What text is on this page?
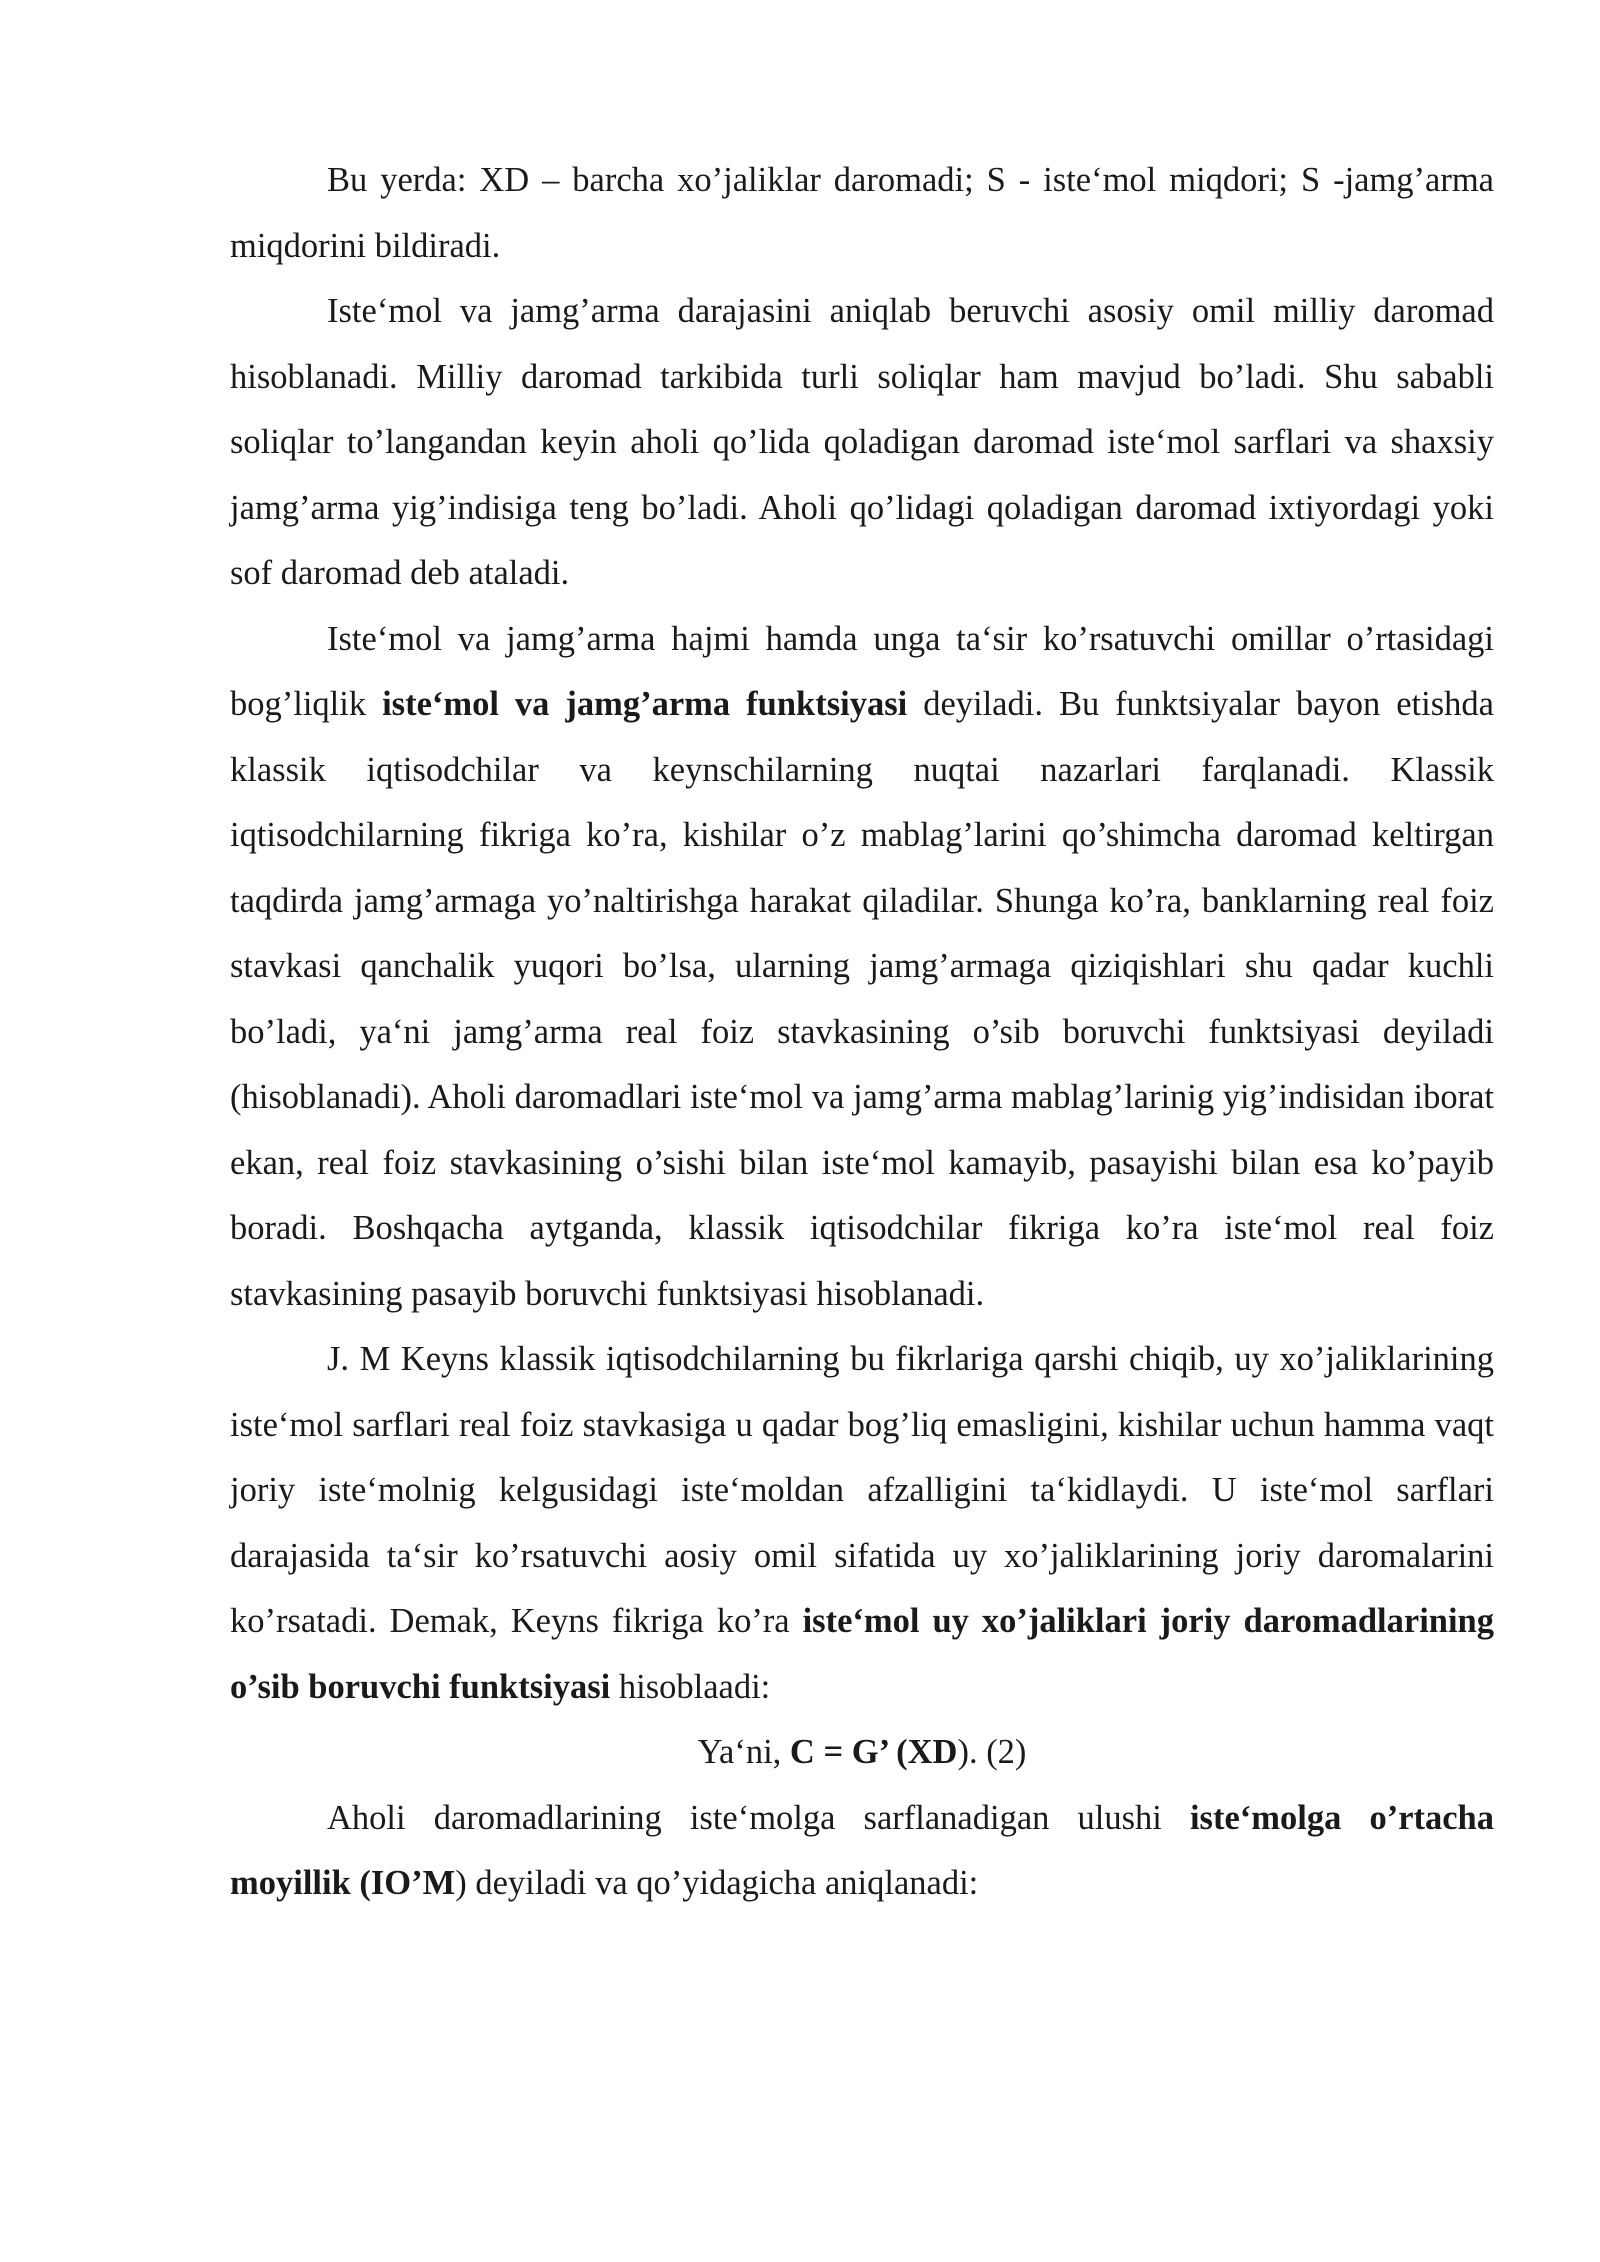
Bu yerda: XD – barcha xo’jaliklar daromadi; S - iste‘mol miqdori; S -jamg’arma miqdorini bildiradi.

Iste‘mol va jamg’arma darajasini aniqlab beruvchi asosiy omil milliy daromad hisoblanadi. Milliy daromad tarkibida turli soliqlar ham mavjud bo’ladi. Shu sababli soliqlar to’langandan keyin aholi qo’lida qoladigan daromad iste‘mol sarflari va shaxsiy jamg’arma yig’indisiga teng bo’ladi. Aholi qo’lidagi qoladigan daromad ixtiyordagi yoki sof daromad deb ataladi.

Iste‘mol va jamg’arma hajmi hamda unga ta‘sir ko’rsatuvchi omillar o’rtasidagi bog’liqlik iste‘mol va jamg’arma funktsiyasi deyiladi. Bu funktsiyalar bayon etishda klassik iqtisodchilar va keynschilarning nuqtai nazarlari farqlanadi. Klassik iqtisodchilarning fikriga ko’ra, kishilar o’z mablag’larini qo’shimcha daromad keltirgan taqdirda jamg’armaga yo’naltirishga harakat qiladilar. Shunga ko’ra, banklarning real foiz stavkasi qanchalik yuqori bo’lsa, ularning jamg’armaga qiziqishlari shu qadar kuchli bo’ladi, ya‘ni jamg’arma real foiz stavkasining o’sib boruvchi funktsiyasi deyiladi (hisoblanadi). Aholi daromadlari iste‘mol va jamg’arma mablag’larinig yig’indisidan iborat ekan, real foiz stavkasining o’sishi bilan iste‘mol kamayib, pasayishi bilan esa ko’payib boradi. Boshqacha aytganda, klassik iqtisodchilar fikriga ko’ra iste‘mol real foiz stavkasining pasayib boruvchi funktsiyasi hisoblanadi.

J. M Keyns klassik iqtisodchilarning bu fikrlariga qarshi chiqib, uy xo’jaliklarining iste‘mol sarflari real foiz stavkasiga u qadar bog’liq emasligini, kishilar uchun hamma vaqt joriy iste‘molnig kelgusidagi iste‘moldan afzalligini ta‘kidlaydi. U iste‘mol sarflari darajasida ta‘sir ko’rsatuvchi aosiy omil sifatida uy xo’jaliklarining joriy daromalarini ko’rsatadi. Demak, Keyns fikriga ko’ra iste‘mol uy xo’jaliklari joriy daromadlarining o’sib boruvchi funktsiyasi hisoblaadi:

Ya‘ni, C = G’ (XD). (2)

Aholi daromadlarining iste‘molga sarflanadigan ulushi iste‘molga o’rtacha moyillik (IO’M) deyiladi va qo’yidagicha aniqlanadi:
